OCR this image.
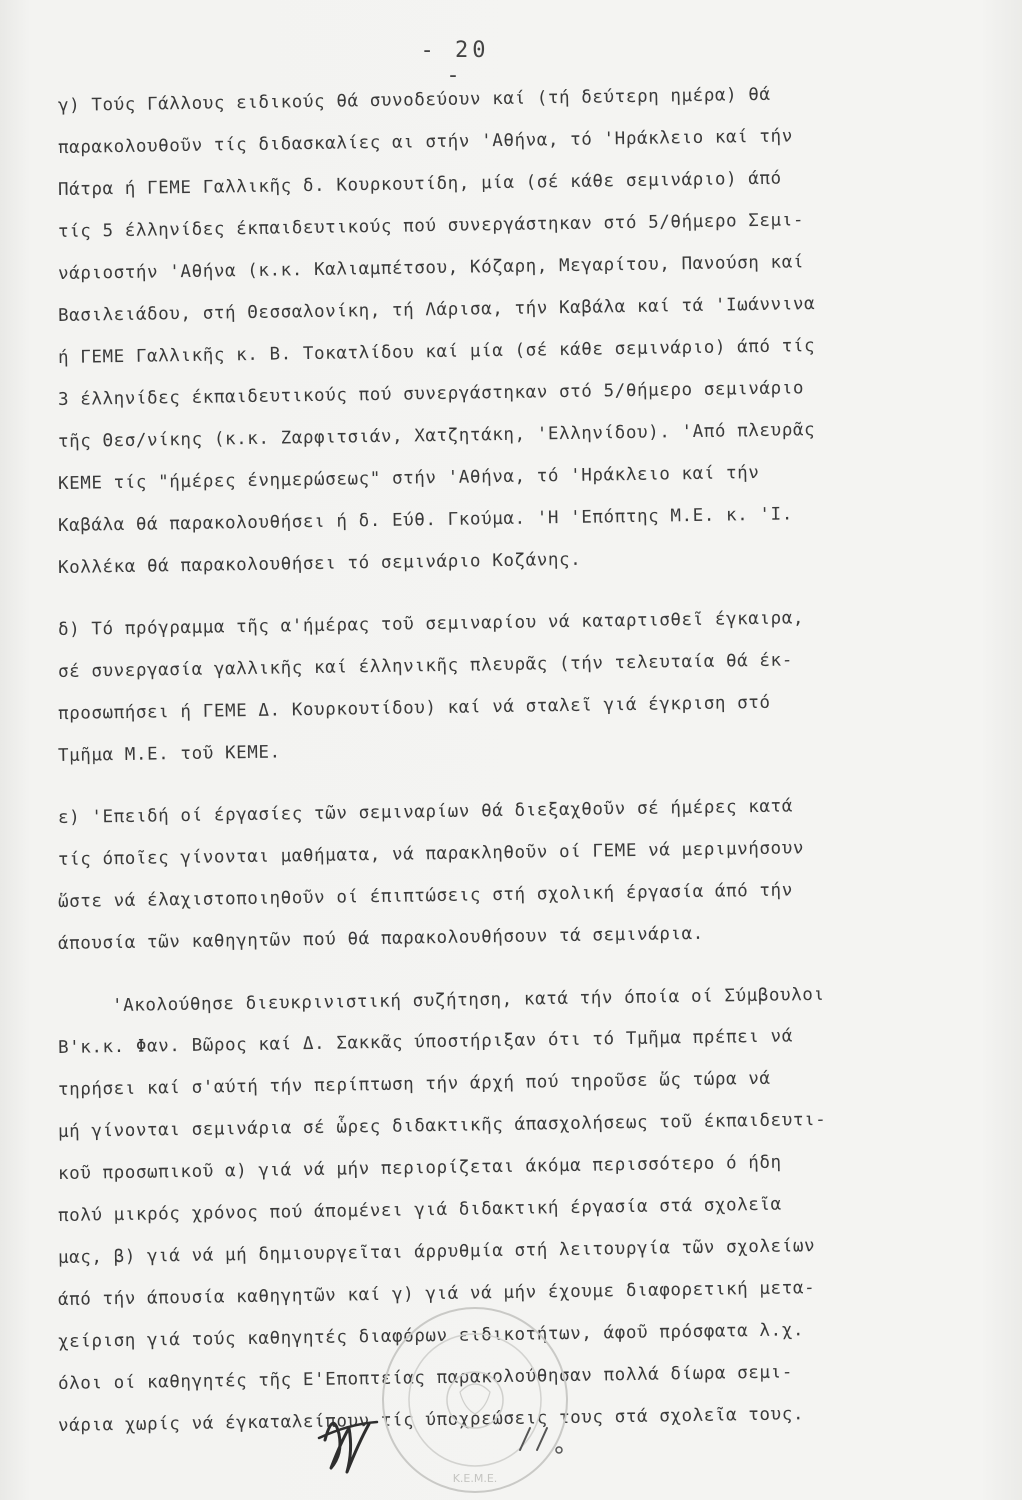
- 20 -
γ) Τούς Γάλλους ειδικούς θά συνοδεύουν καί (τή δεύτερη ημέρα) θά
παρακολουθοῦν τίς διδασκαλίες αι στήν 'Αθήνα, τό 'Ηράκλειο καί τήν
Πάτρα ή ΓΕΜΕ Γαλλικῆς δ. Κουρκουτίδη, μία (σέ κάθε σεμινάριο) άπό
τίς 5 έλληνίδες έκπαιδευτικούς πού συνεργάστηκαν στό 5/θήμερο Σεμι-
νάριοστήν 'Αθήνα (κ.κ. Καλιαμπέτσου, Κόζαρη, Μεγαρίτου, Πανούση καί
Βασιλειάδου, στή Θεσσαλονίκη, τή Λάρισα, τήν Καβάλα καί τά 'Ιωάννινα
ή ΓΕΜΕ Γαλλικῆς κ. Β. Τοκατλίδου καί μία (σέ κάθε σεμινάριο) άπό τίς
3 έλληνίδες έκπαιδευτικούς πού συνεργάστηκαν στό 5/θήμερο σεμινάριο
τῆς Θεσ/νίκης (κ.κ. Ζαρφιτσιάν, Χατζητάκη, 'Ελληνίδου). 'Από πλευρᾶς
ΚΕΜΕ τίς "ήμέρες ένημερώσεως" στήν 'Αθήνα, τό 'Ηράκλειο καί τήν
Καβάλα θά παρακολουθήσει ή δ. Εύθ. Γκούμα. 'Η 'Επόπτης Μ.Ε. κ. 'Ι.
Κολλέκα θά παρακολουθήσει τό σεμινάριο Κοζάνης.
δ) Τό πρόγραμμα τῆς α'ήμέρας τοῦ σεμιναρίου νά καταρτισθεῖ έγκαιρα,
σέ συνεργασία γαλλικῆς καί έλληνικῆς πλευρᾶς (τήν τελευταία θά έκ-
προσωπήσει ή ΓΕΜΕ Δ. Κουρκουτίδου) καί νά σταλεῖ γιά έγκριση στό
Τμῆμα Μ.Ε. τοῦ ΚΕΜΕ.
ε) 'Επειδή οί έργασίες τῶν σεμιναρίων θά διεξαχθοῦν σέ ήμέρες κατά
τίς όποῖες γίνονται μαθήματα, νά παρακληθοῦν οί ΓΕΜΕ νά μεριμνήσουν
ὥστε νά έλαχιστοποιηθοῦν οί έπιπτώσεις στή σχολική έργασία άπό τήν
άπουσία τῶν καθηγητῶν πού θά παρακολουθήσουν τά σεμινάρια.
'Ακολούθησε διευκρινιστική συζήτηση, κατά τήν όποία οί Σύμβουλοι
Β'κ.κ. Φαν. Βῶρος καί Δ. Σακκᾶς ύποστήριξαν ότι τό Τμῆμα πρέπει νά
τηρήσει καί σ'αύτή τήν περίπτωση τήν άρχή πού τηροῦσε ὥς τώρα νά
μή γίνονται σεμινάρια σέ ὧρες διδακτικῆς άπασχολήσεως τοῦ έκπαιδευτι-
κοῦ προσωπικοῦ α) γιά νά μήν περιορίζεται άκόμα περισσότερο ό ήδη
πολύ μικρός χρόνος πού άπομένει γιά διδακτική έργασία στά σχολεῖα
μας, β) γιά νά μή δημιουργεῖται άρρυθμία στή λειτουργία τῶν σχολείων
άπό τήν άπουσία καθηγητῶν καί γ) γιά νά μήν έχουμε διαφορετική μετα-
χείριση γιά τούς καθηγητές διαφόρων ειδικοτήτων, άφοῦ πρόσφατα λ.χ.
όλοι οί καθηγητές τῆς Ε'Εποπτείας παρακολούθησαν πολλά δίωρα σεμι-
νάρια χωρίς νά έγκαταλείπουν τίς ύποχρεώσεις τους στά σχολεῖα τους.
Κ.Ε.Μ.Ε.
